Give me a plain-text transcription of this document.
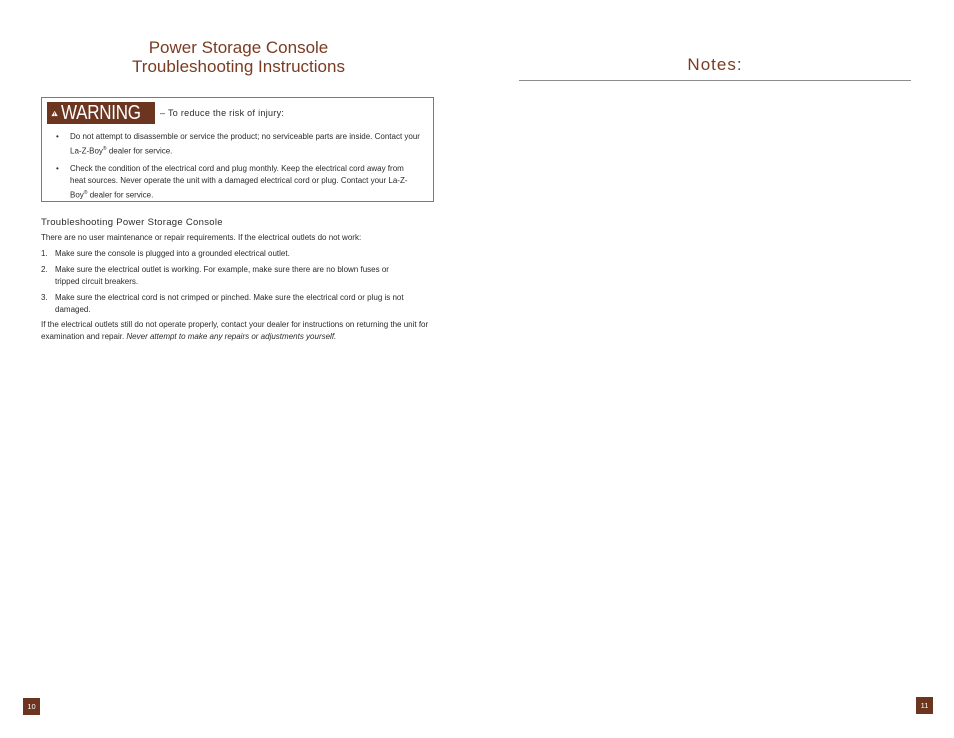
Power Storage Console
Troubleshooting Instructions
WARNING – To reduce the risk of injury:
• Do not attempt to disassemble or service the product; no serviceable parts are inside. Contact your La-Z-Boy® dealer for service.
• Check the condition of the electrical cord and plug monthly. Keep the electrical cord away from heat sources. Never operate the unit with a damaged electrical cord or plug. Contact your La-Z-Boy® dealer for service.
Troubleshooting Power Storage Console
There are no user maintenance or repair requirements. If the electrical outlets do not work:
1. Make sure the console is plugged into a grounded electrical outlet.
2. Make sure the electrical outlet is working. For example, make sure there are no blown fuses or tripped circuit breakers.
3. Make sure the electrical cord is not crimped or pinched. Make sure the electrical cord or plug is not damaged.
If the electrical outlets still do not operate properly, contact your dealer for instructions on returning the unit for examination and repair. Never attempt to make any repairs or adjustments yourself.
10
Notes:
11
